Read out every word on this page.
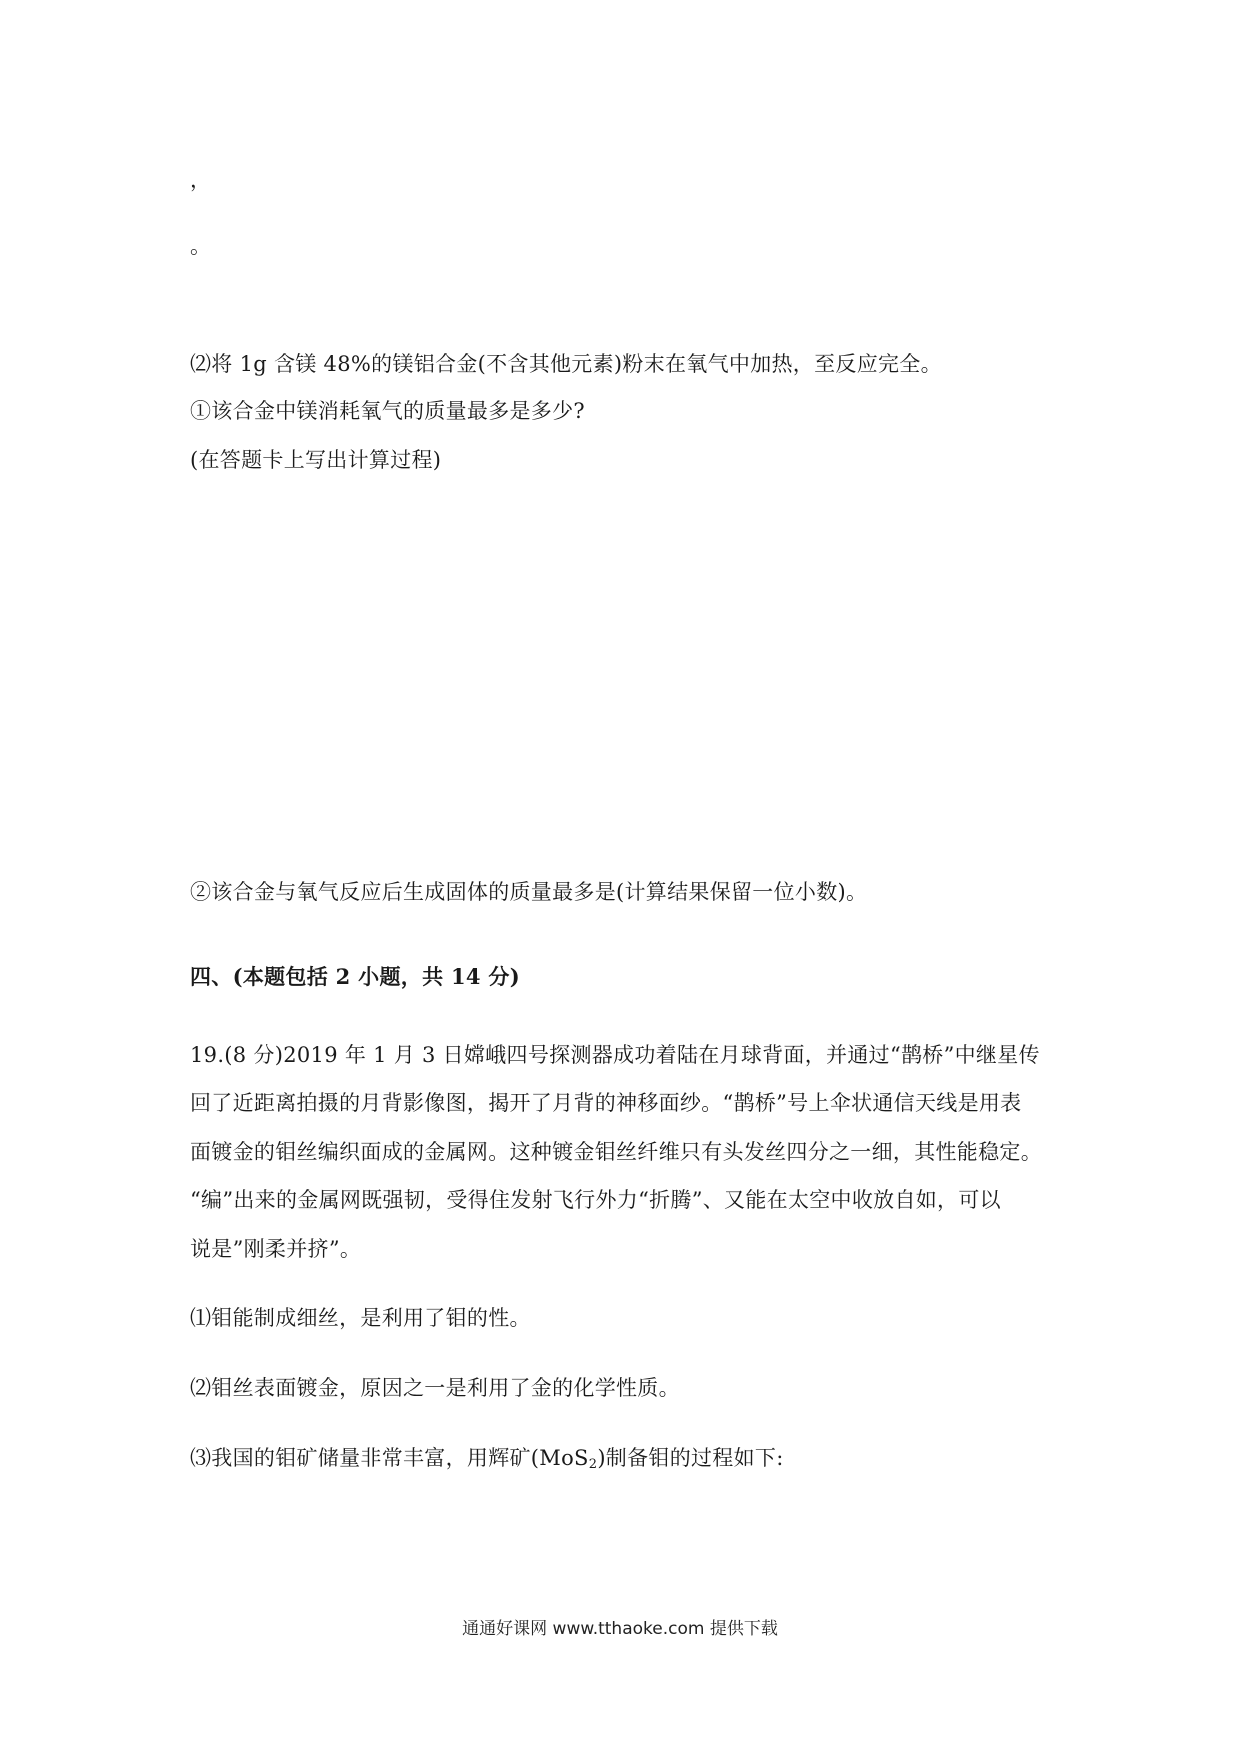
，
。
⑵将 1g 含镁 48%的镁铝合金(不含其他元素)粉末在氧气中加热，至反应完全。
①该合金中镁消耗氧气的质量最多是多少?
(在答题卡上写出计算过程)
②该合金与氧气反应后生成固体的质量最多是(计算结果保留一位小数)。
四、(本题包括 2 小题，共 14 分)
19.(8 分)2019 年 1 月 3 日嫦峨四号探测器成功着陆在月球背面，并通过“鹊桥”中继星传
回了近距离拍摄的月背影像图，揭开了月背的神移面纱。“鹊桥”号上伞状通信天线是用表
面镀金的钼丝编织面成的金属网。这种镀金钼丝纤维只有头发丝四分之一细，其性能稳定。
“编”出来的金属网既强韧，受得住发射飞行外力“折腾”、又能在太空中收放自如，可以
说是”刚柔并挤”。
⑴钼能制成细丝，是利用了钼的性。
⑵钼丝表面镀金，原因之一是利用了金的化学性质。
⑶我国的钼矿储量非常丰富，用辉矿(MoS$_2$)制备钼的过程如下:
通通好课网 www.tthaoke.com 提供下载
